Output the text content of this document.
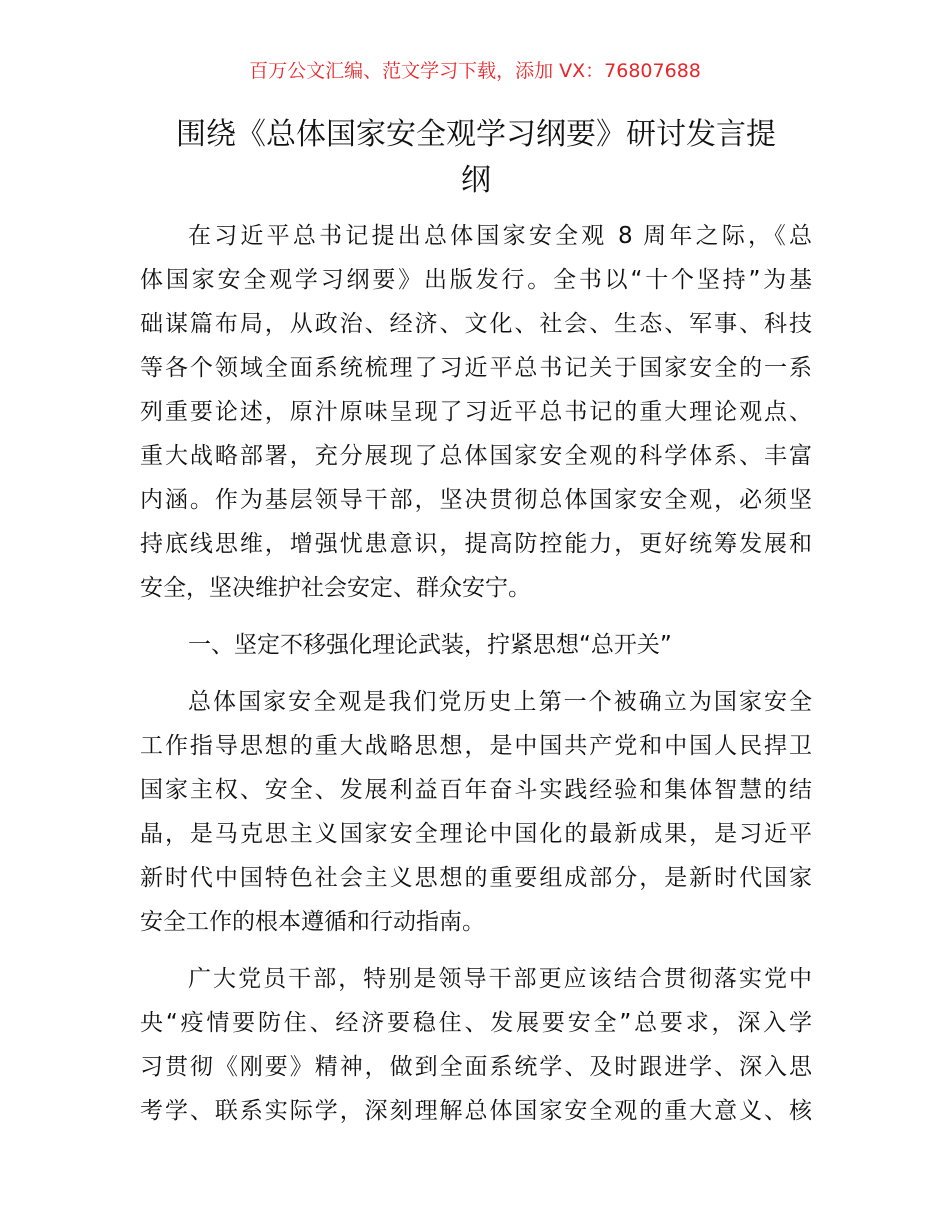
百万公文汇编、范文学习下载，添加 VX：76807688
围绕《总体国家安全观学习纲要》研讨发言提
纲
在习近平总书记提出总体国家安全观 8 周年之际，《总
体国家安全观学习纲要》出版发行。全书以“十个坚持”为基
础谋篇布局，从政治、经济、文化、社会、生态、军事、科技
等各个领域全面系统梳理了习近平总书记关于国家安全的一系
列重要论述，原汁原味呈现了习近平总书记的重大理论观点、
重大战略部署，充分展现了总体国家安全观的科学体系、丰富
内涵。作为基层领导干部，坚决贯彻总体国家安全观，必须坚
持底线思维，增强忧患意识，提高防控能力，更好统筹发展和
安全，坚决维护社会安定、群众安宁。
一、坚定不移强化理论武装，拧紧思想“总开关”
总体国家安全观是我们党历史上第一个被确立为国家安全
工作指导思想的重大战略思想，是中国共产党和中国人民捍卫
国家主权、安全、发展利益百年奋斗实践经验和集体智慧的结
晶，是马克思主义国家安全理论中国化的最新成果，是习近平
新时代中国特色社会主义思想的重要组成部分，是新时代国家
安全工作的根本遵循和行动指南。
广大党员干部，特别是领导干部更应该结合贯彻落实党中
央“疫情要防住、经济要稳住、发展要安全”总要求，深入学
习贯彻《刚要》精神，做到全面系统学、及时跟进学、深入思
考学、联系实际学，深刻理解总体国家安全观的重大意义、核
